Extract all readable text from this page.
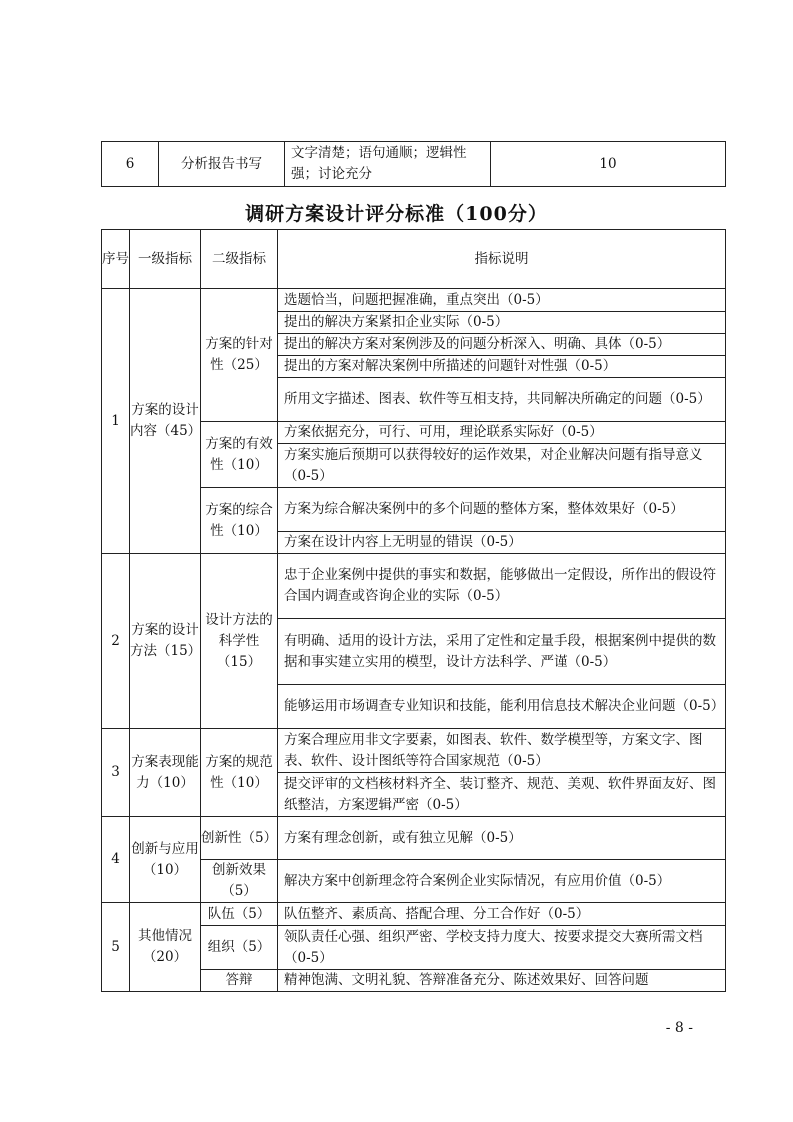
6	分析报告书写	文字清楚；语句通顺；逻辑性强；讨论充分	10
调研方案设计评分标准（100分）
序号	一级指标	二级指标	指标说明
1	方案的设计内容（45）	方案的针对性（25）	选题恰当，问题把握准确，重点突出（0-5）
			提出的解决方案紧扣企业实际（0-5）
			提出的解决方案对案例涉及的问题分析深入、明确、具体（0-5）
			提出的方案对解决案例中所描述的问题针对性强（0-5）
			所用文字描述、图表、软件等互相支持，共同解决所确定的问题（0-5）
		方案的有效性（10）	方案依据充分，可行、可用，理论联系实际好（0-5）
			方案实施后预期可以获得较好的运作效果，对企业解决问题有指导意义（0-5）
		方案的综合性（10）	方案为综合解决案例中的多个问题的整体方案，整体效果好（0-5）
			方案在设计内容上无明显的错误（0-5）
2	方案的设计方法（15）	设计方法的科学性（15）	忠于企业案例中提供的事实和数据，能够做出一定假设，所作出的假设符合国内调查或咨询企业的实际（0-5）
			有明确、适用的设计方法，采用了定性和定量手段，根据案例中提供的数据和事实建立实用的模型，设计方法科学、严谨（0-5）
			能够运用市场调查专业知识和技能，能利用信息技术解决企业问题（0-5）
3	方案表现能力（10）	方案的规范性（10）	方案合理应用非文字要素，如图表、软件、数学模型等，方案文字、图表、软件、设计图纸等符合国家规范（0-5）
			提交评审的文档核材料齐全、装订整齐、规范、美观、软件界面友好、图纸整洁，方案逻辑严密（0-5）
4	创新与应用（10）	创新性（5）	方案有理念创新，或有独立见解（0-5）
		创新效果（5）	解决方案中创新理念符合案例企业实际情况，有应用价值（0-5）
5	其他情况（20）	队伍（5）	队伍整齐、素质高、搭配合理、分工合作好（0-5）
		组织（5）	领队责任心强、组织严密、学校支持力度大、按要求提交大赛所需文档（0-5）
		答辩	精神饱满、文明礼貌、答辩准备充分、陈述效果好、回答问题
- 8 -
